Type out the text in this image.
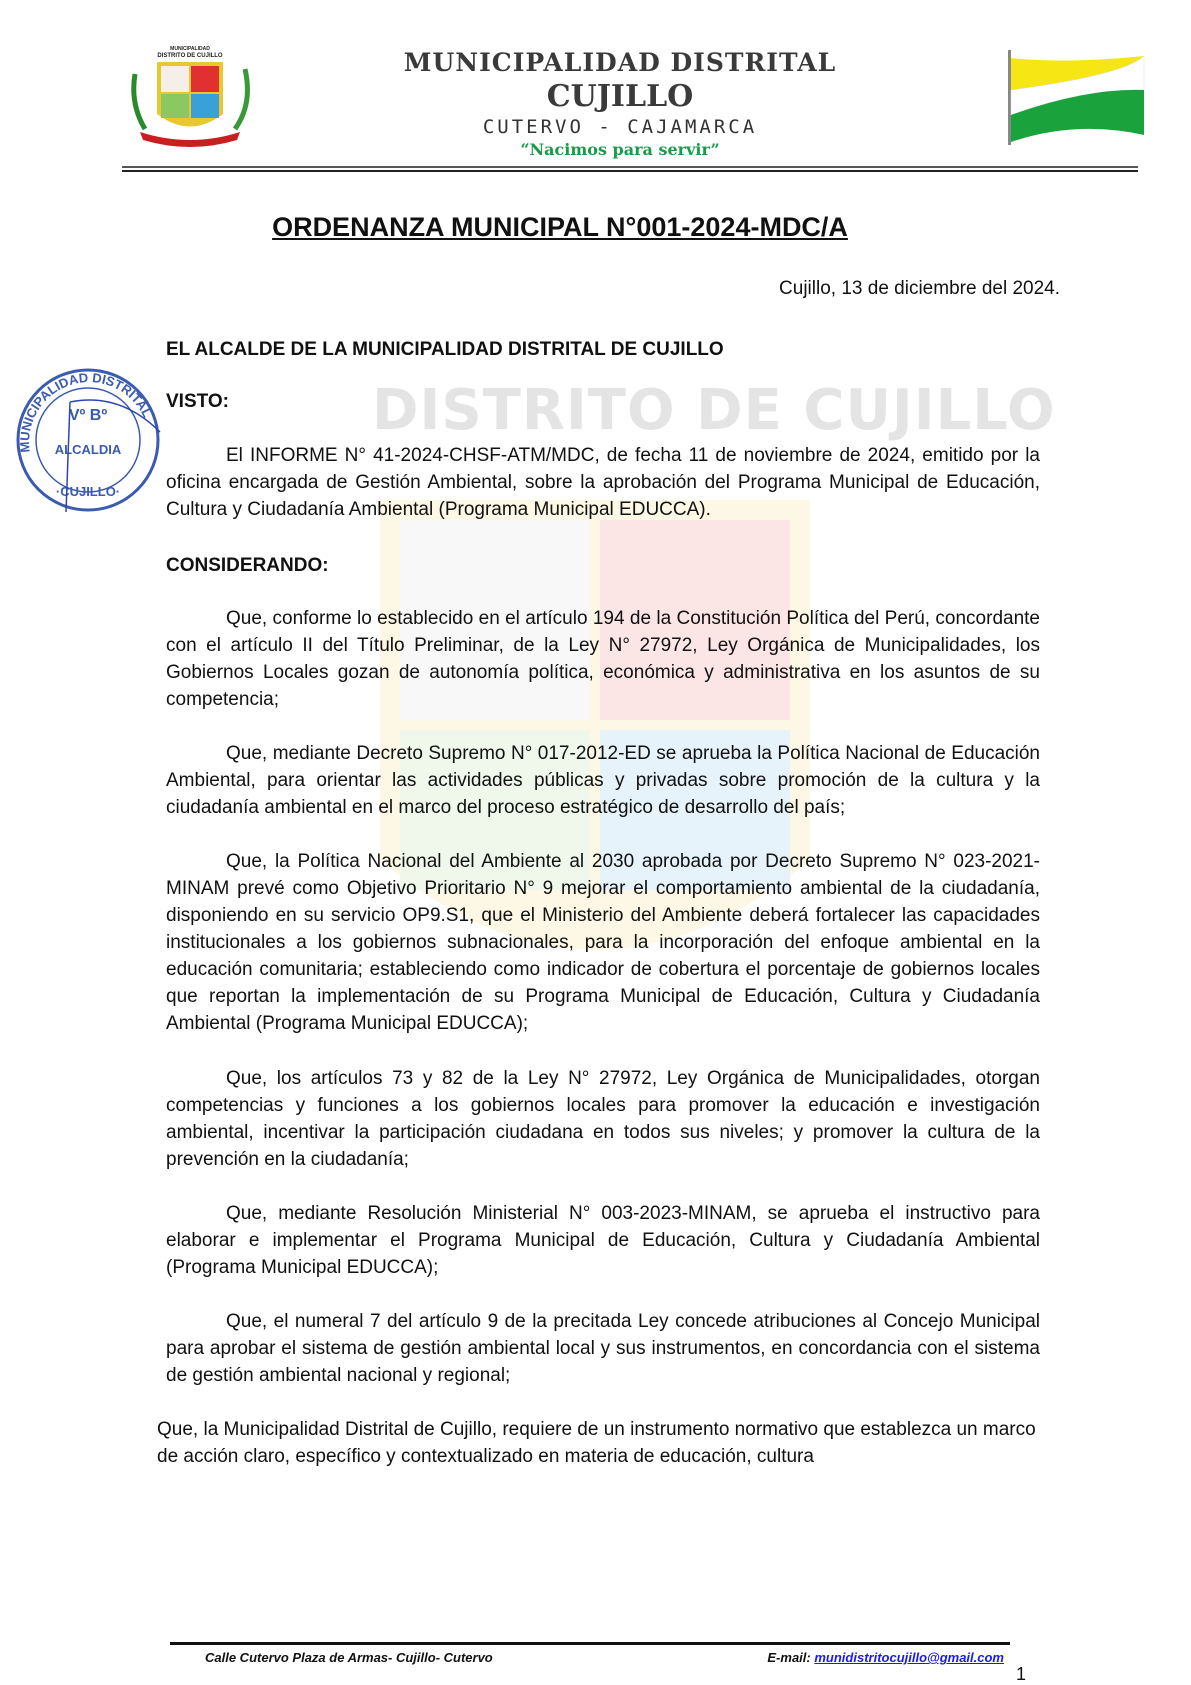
MUNICIPALIDAD
DISTRITO DE CUJILLO	MUNICIPALIDAD DISTRITAL
CUJILLO
CUTERVO - CAJAMARCA
“Nacimos para servir”
DISTRITO DE CUJILLO
MUNICIPALIDAD DISTRITAL
Vº Bº
ALCALDIA
·CUJILLO·
ORDENANZA MUNICIPAL N°001-2024-MDC/A
Cujillo, 13 de diciembre del 2024.
EL ALCALDE DE LA MUNICIPALIDAD DISTRITAL DE CUJILLO
VISTO:
El INFORME N° 41-2024-CHSF-ATM/MDC, de fecha 11 de noviembre de 2024, emitido por la oficina encargada de Gestión Ambiental, sobre la aprobación del Programa Municipal de Educación, Cultura y Ciudadanía Ambiental (Programa Municipal EDUCCA).
CONSIDERANDO:
Que, conforme lo establecido en el artículo 194 de la Constitución Política del Perú, concordante con el artículo II del Título Preliminar, de la Ley N° 27972, Ley Orgánica de Municipalidades, los Gobiernos Locales gozan de autonomía política, económica y administrativa en los asuntos de su competencia;
Que, mediante Decreto Supremo N° 017-2012-ED se aprueba la Política Nacional de Educación Ambiental, para orientar las actividades públicas y privadas sobre promoción de la cultura y la ciudadanía ambiental en el marco del proceso estratégico de desarrollo del país;
Que, la Política Nacional del Ambiente al 2030 aprobada por Decreto Supremo N° 023-2021-MINAM prevé como Objetivo Prioritario N° 9 mejorar el comportamiento ambiental de la ciudadanía, disponiendo en su servicio OP9.S1, que el Ministerio del Ambiente deberá fortalecer las capacidades institucionales a los gobiernos subnacionales, para la incorporación del enfoque ambiental en la educación comunitaria; estableciendo como indicador de cobertura el porcentaje de gobiernos locales que reportan la implementación de su Programa Municipal de Educación, Cultura y Ciudadanía Ambiental (Programa Municipal EDUCCA);
Que, los artículos 73 y 82 de la Ley N° 27972, Ley Orgánica de Municipalidades, otorgan competencias y funciones a los gobiernos locales para promover la educación e investigación ambiental, incentivar la participación ciudadana en todos sus niveles; y promover la cultura de la prevención en la ciudadanía;
Que, mediante Resolución Ministerial N° 003-2023-MINAM, se aprueba el instructivo para elaborar e implementar el Programa Municipal de Educación, Cultura y Ciudadanía Ambiental (Programa Municipal EDUCCA);
Que, el numeral 7 del artículo 9 de la precitada Ley concede atribuciones al Concejo Municipal para aprobar el sistema de gestión ambiental local y sus instrumentos, en concordancia con el sistema de gestión ambiental nacional y regional;
Que, la Municipalidad Distrital de Cujillo, requiere de un instrumento normativo que establezca un marco de acción claro, específico y contextualizado en materia de educación, cultura
Calle Cutervo Plaza de Armas- Cujillo- Cutervo	E-mail: munidistritocujillo@gmail.com
1
